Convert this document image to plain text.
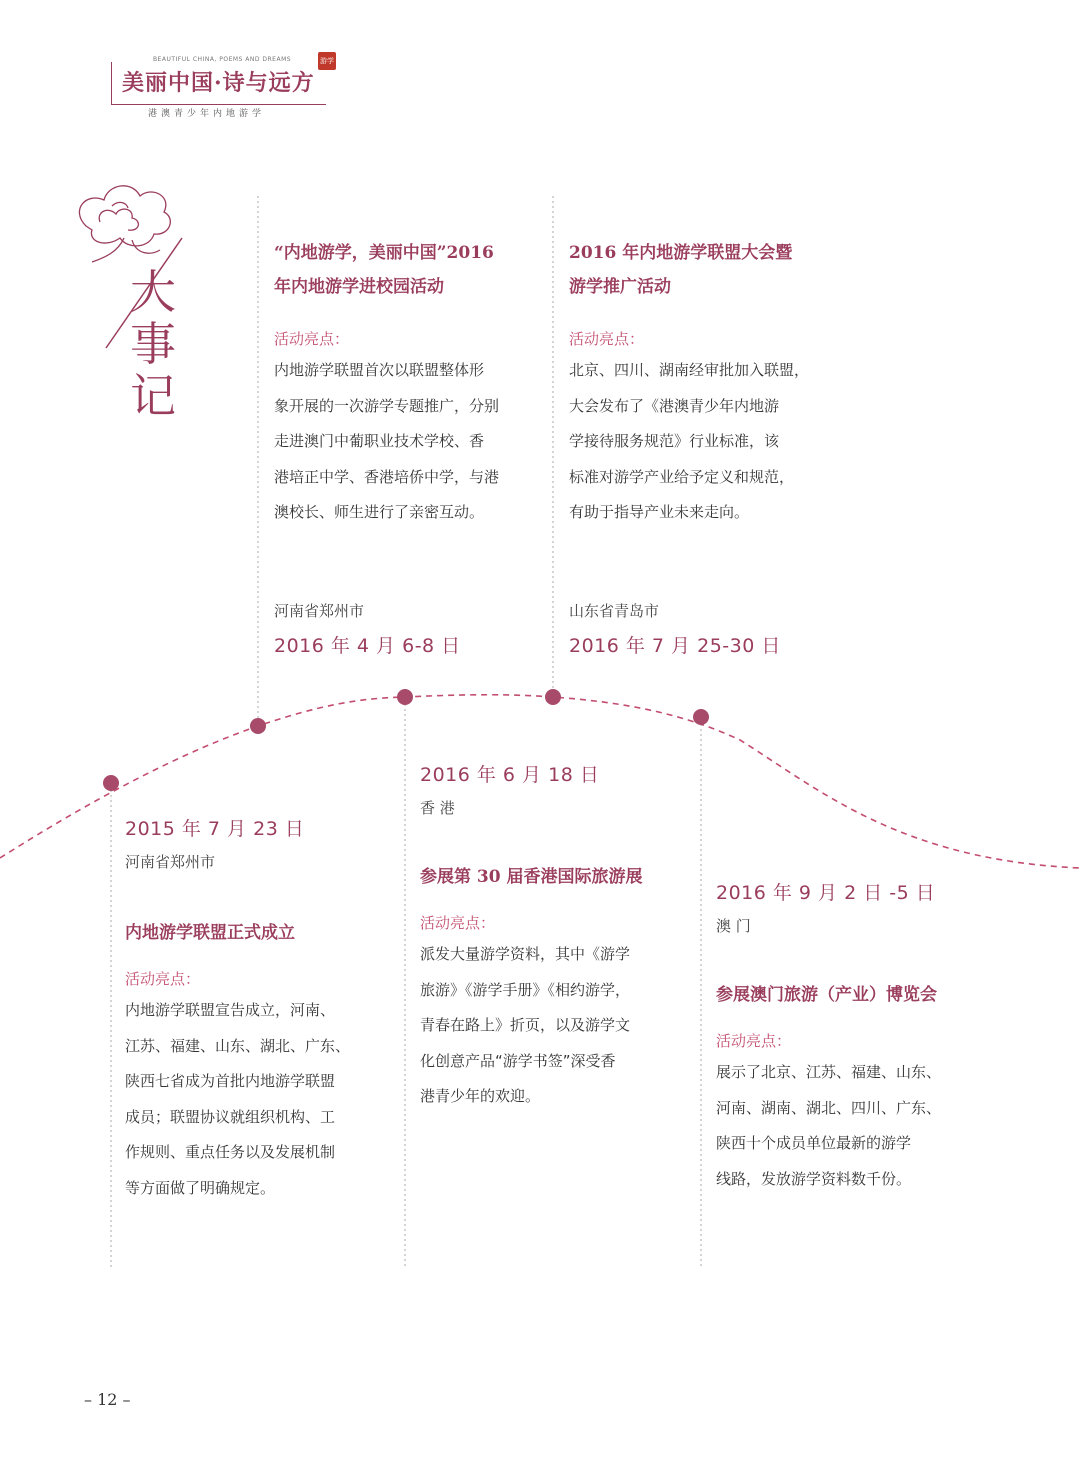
BEAUTIFUL CHINA, POEMS AND DREAMS
美丽中国·诗与远方
游学
港澳青少年内地游学
大
事
记
“内地游学，美丽中国”2016
年内地游学进校园活动
活动亮点：
内地游学联盟首次以联盟整体形
象开展的一次游学专题推广，分别
走进澳门中葡职业技术学校、香
港培正中学、香港培侨中学，与港
澳校长、师生进行了亲密互动。
河南省郑州市
2016 年 4 月 6-8 日
2016 年内地游学联盟大会暨
游学推广活动
活动亮点：
北京、四川、湖南经审批加入联盟，
大会发布了《港澳青少年内地游
学接待服务规范》行业标准，该
标准对游学产业给予定义和规范，
有助于指导产业未来走向。
山东省青岛市
2016 年 7 月 25-30 日
2015 年 7 月 23 日
河南省郑州市
内地游学联盟正式成立
活动亮点：
内地游学联盟宣告成立，河南、
江苏、福建、山东、湖北、广东、
陕西七省成为首批内地游学联盟
成员；联盟协议就组织机构、工
作规则、重点任务以及发展机制
等方面做了明确规定。
2016 年 6 月 18 日
香 港
参展第 30 届香港国际旅游展
活动亮点：
派发大量游学资料，其中《游学
旅游》《游学手册》《相约游学，
青春在路上》折页，以及游学文
化创意产品“游学书签”深受香
港青少年的欢迎。
2016 年 9 月 2 日 -5 日
澳 门
参展澳门旅游（产业）博览会
活动亮点：
展示了北京、江苏、福建、山东、
河南、湖南、湖北、四川、广东、
陕西十个成员单位最新的游学
线路，发放游学资料数千份。
– 12 –
